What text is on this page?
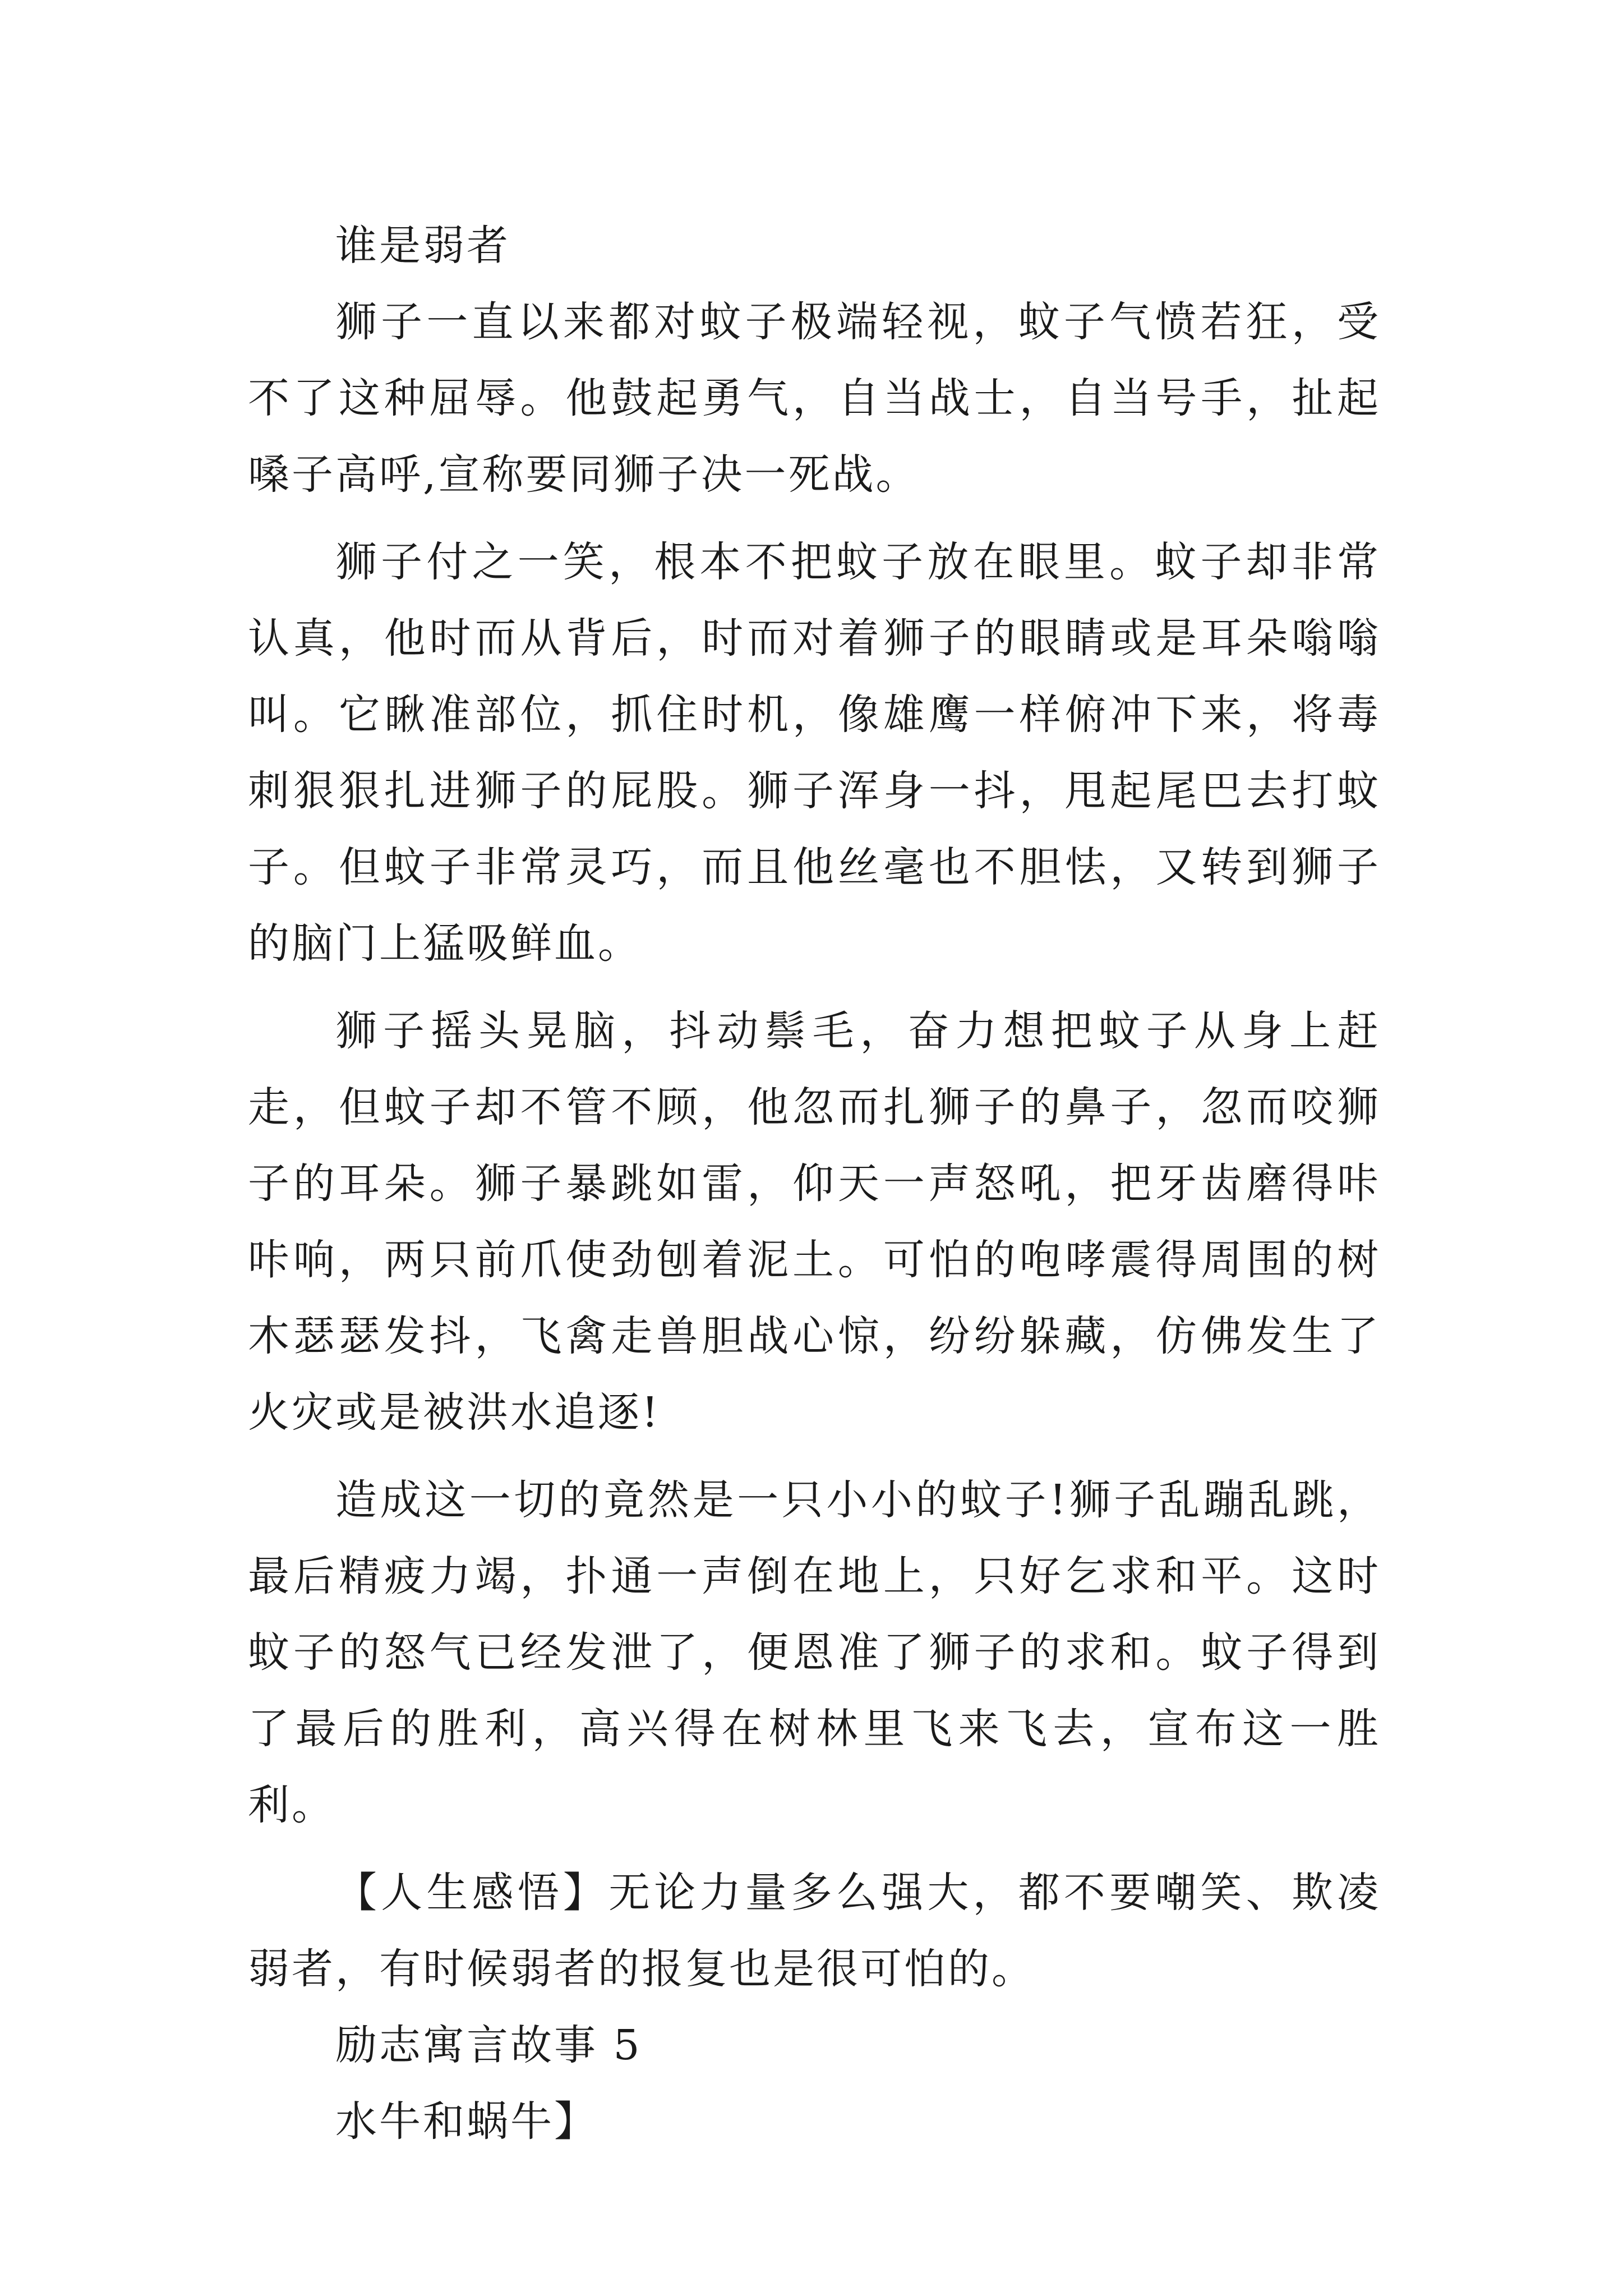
谁是弱者

狮子一直以来都对蚊子极端轻视，蚊子气愤若狂，受不了这种屈辱。他鼓起勇气，自当战士，自当号手，扯起嗓子高呼,宣称要同狮子决一死战。

狮子付之一笑，根本不把蚊子放在眼里。蚊子却非常认真，他时而从背后，时而对着狮子的眼睛或是耳朵嗡嗡叫。它瞅准部位，抓住时机，像雄鹰一样俯冲下来，将毒刺狠狠扎进狮子的屁股。狮子浑身一抖，甩起尾巴去打蚊子。但蚊子非常灵巧，而且他丝毫也不胆怯，又转到狮子的脑门上猛吸鲜血。

狮子摇头晃脑，抖动鬃毛，奋力想把蚊子从身上赶走，但蚊子却不管不顾，他忽而扎狮子的鼻子，忽而咬狮子的耳朵。狮子暴跳如雷，仰天一声怒吼，把牙齿磨得咔咔响，两只前爪使劲刨着泥土。可怕的咆哮震得周围的树木瑟瑟发抖，飞禽走兽胆战心惊，纷纷躲藏，仿佛发生了火灾或是被洪水追逐!

造成这一切的竟然是一只小小的蚊子!狮子乱蹦乱跳，最后精疲力竭，扑通一声倒在地上，只好乞求和平。这时蚊子的怒气已经发泄了，便恩准了狮子的求和。蚊子得到了最后的胜利，高兴得在树林里飞来飞去，宣布这一胜利。

【人生感悟】无论力量多么强大，都不要嘲笑、欺凌弱者，有时候弱者的报复也是很可怕的。

励志寓言故事 5

水牛和蜗牛】
